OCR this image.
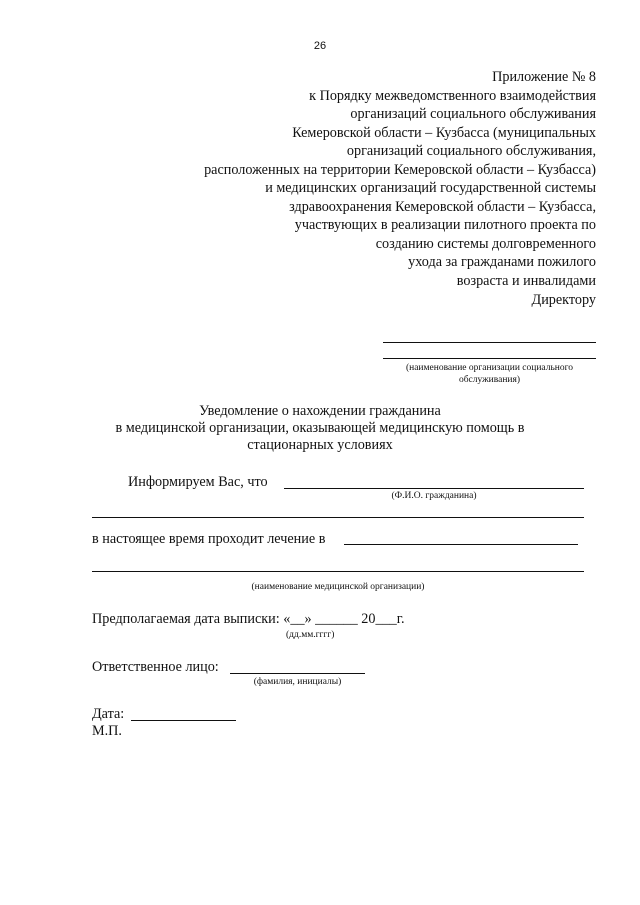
26
Приложение № 8
к Порядку межведомственного взаимодействия
организаций социального обслуживания
Кемеровской области – Кузбасса (муниципальных
организаций социального обслуживания,
расположенных на территории Кемеровской области – Кузбасса)
и медицинских организаций государственной системы
здравоохранения Кемеровской области – Кузбасса,
участвующих в реализации пилотного проекта по
созданию системы долговременного
ухода за гражданами пожилого
возраста и инвалидами
Директору
(наименование организации социального обслуживания)
Уведомление о нахождении гражданина
в медицинской организации, оказывающей медицинскую помощь в
стационарных условиях
Информируем Вас, что
(Ф.И.О. гражданина)
в настоящее время проходит лечение в
(наименование медицинской организации)
Предполагаемая дата выписки: «__» ______ 20___г.
(дд.мм.гггг)
Ответственное лицо:
(фамилия, инициалы)
Дата:
М.П.
